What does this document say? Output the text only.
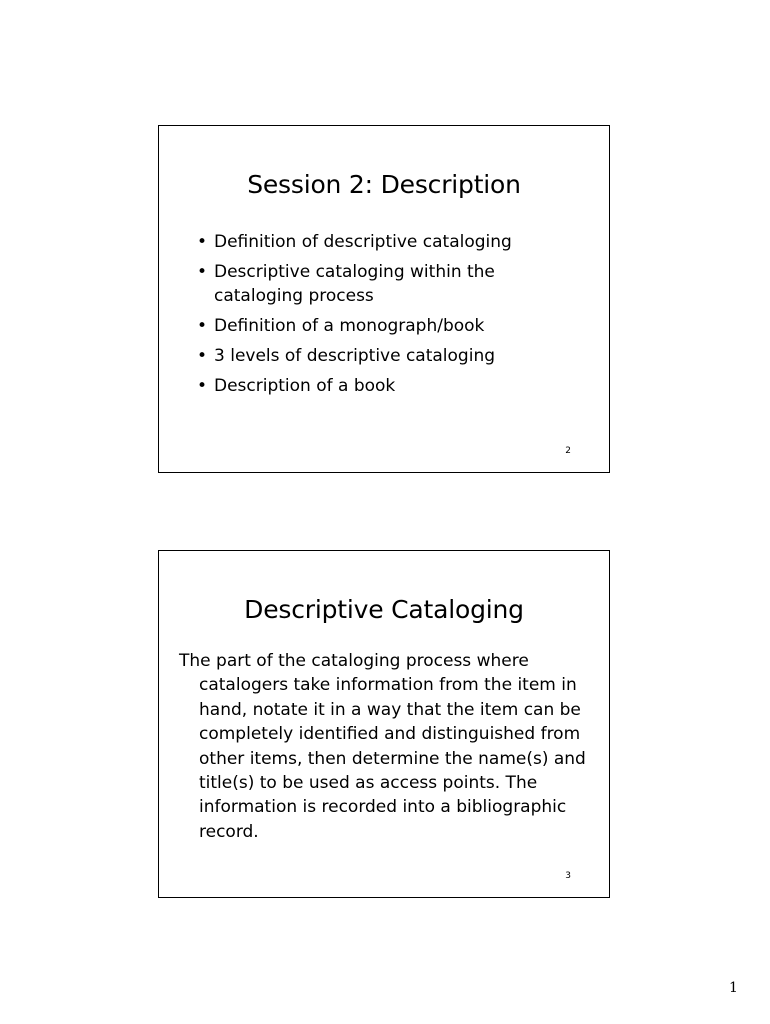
Session 2: Description
• Definition of descriptive cataloging
• Descriptive cataloging within the cataloging process
• Definition of a monograph/book
• 3 levels of descriptive cataloging
• Description of a book
2
Descriptive Cataloging

The part of the cataloging process where catalogers take information from the item in hand, notate it in a way that the item can be completely identified and distinguished from other items, then determine the name(s) and title(s) to be used as access points. The information is recorded into a bibliographic record.

3
1
